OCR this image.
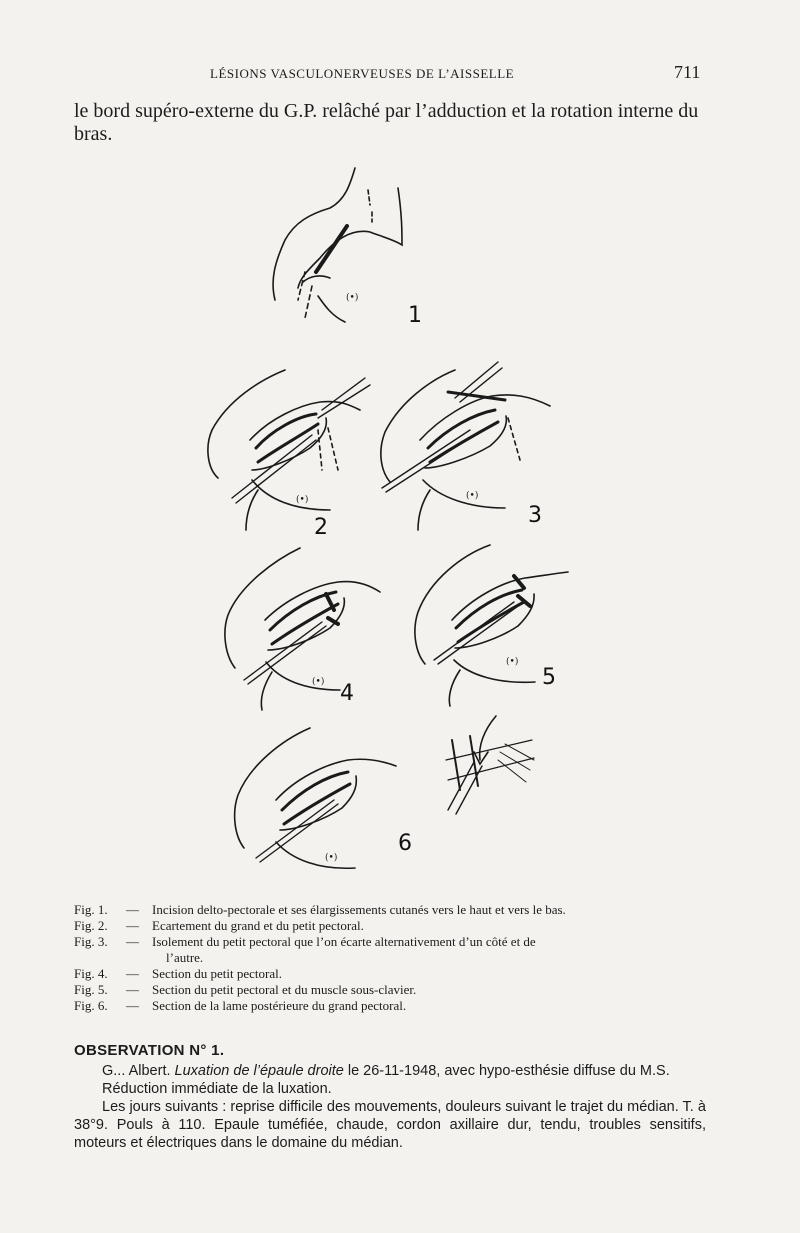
LÉSIONS VASCULONERVEUSES DE L’AISSELLE	711
le bord supéro-externe du G.P. relâché par l’adduction et la rotation interne du bras.
(•)
(•)	(•)
(•)
(•)
(•)
1
2	3
4
5
6
Fig. 1.	—	Incision delto-pectorale et ses élargissements cutanés vers le haut et vers le bas.
Fig. 2.	—	Ecartement du grand et du petit pectoral.
Fig. 3.	—	Isolement du petit pectoral que l’on écarte alternativement d’un côté et de
l’autre.
Fig. 4.	—	Section du petit pectoral.
Fig. 5.	—	Section du petit pectoral et du muscle sous-clavier.
Fig. 6.	—	Section de la lame postérieure du grand pectoral.
OBSERVATION N° 1.

G... Albert. Luxation de l’épaule droite le 26-11-1948, avec hypo-esthésie diffuse du M.S.

Réduction immédiate de la luxation.

Les jours suivants : reprise difficile des mouvements, douleurs suivant le trajet du médian. T. à 38°9. Pouls à 110. Epaule tuméfiée, chaude, cordon axillaire dur, tendu, troubles sensitifs, moteurs et électriques dans le domaine du médian.
